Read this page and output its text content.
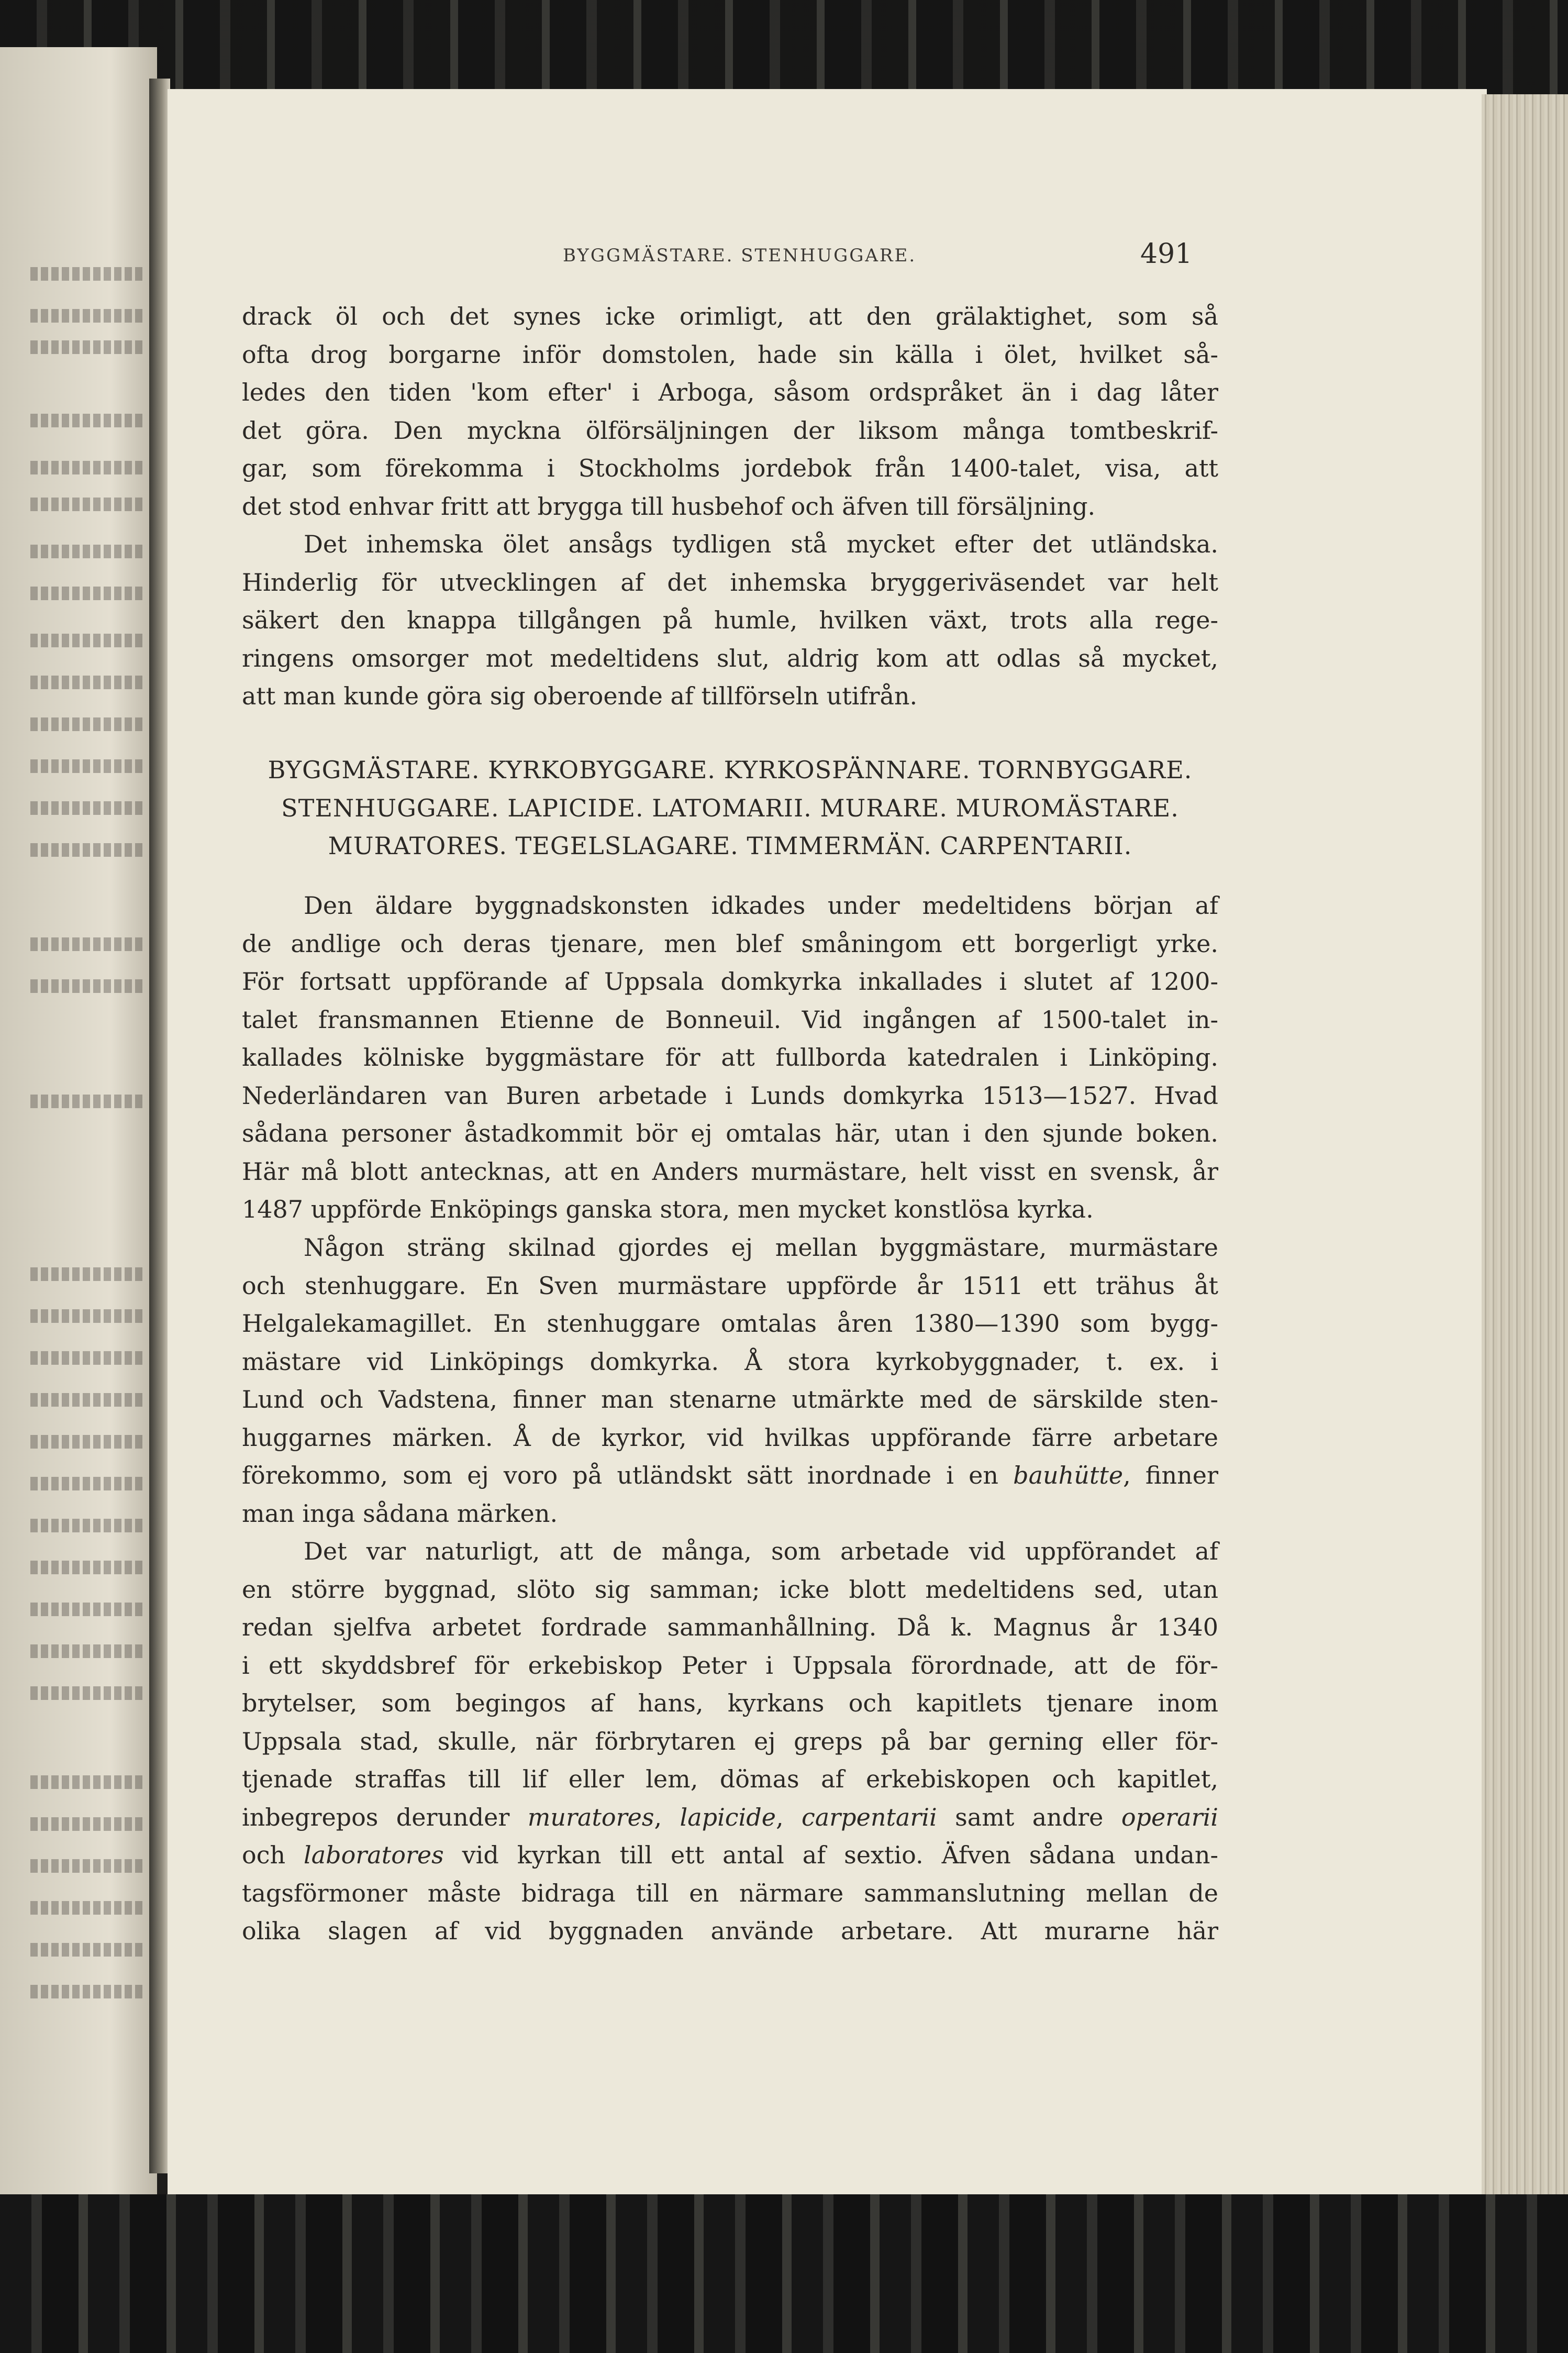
BYGGMÄSTARE. STENHUGGARE.	491
drack öl och det synes icke orimligt, att den grälaktighet, som så
ofta drog borgarne inför domstolen, hade sin källa i ölet, hvilket så-
ledes den tiden 'kom efter' i Arboga, såsom ordspråket än i dag låter
det göra. Den myckna ölförsäljningen der liksom många tomtbeskrif-
gar, som förekomma i Stockholms jordebok från 1400-talet, visa, att
det stod enhvar fritt att brygga till husbehof och äfven till försäljning.
Det inhemska ölet ansågs tydligen stå mycket efter det utländska.
Hinderlig för utvecklingen af det inhemska bryggeriväsendet var helt
säkert den knappa tillgången på humle, hvilken växt, trots alla rege-
ringens omsorger mot medeltidens slut, aldrig kom att odlas så mycket,
att man kunde göra sig oberoende af tillförseln utifrån.
BYGGMÄSTARE. KYRKOBYGGARE. KYRKOSPÄNNARE. TORNBYGGARE.
STENHUGGARE. LAPICIDE. LATOMARII. MURARE. MUROMÄSTARE.
MURATORES. TEGELSLAGARE. TIMMERMÄN. CARPENTARII.
Den äldare byggnadskonsten idkades under medeltidens början af
de andlige och deras tjenare, men blef småningom ett borgerligt yrke.
För fortsatt uppförande af Uppsala domkyrka inkallades i slutet af 1200-
talet fransmannen Etienne de Bonneuil. Vid ingången af 1500-talet in-
kallades kölniske byggmästare för att fullborda katedralen i Linköping.
Nederländaren van Buren arbetade i Lunds domkyrka 1513—1527. Hvad
sådana personer åstadkommit bör ej omtalas här, utan i den sjunde boken.
Här må blott antecknas, att en Anders murmästare, helt visst en svensk, år
1487 uppförde Enköpings ganska stora, men mycket konstlösa kyrka.
Någon sträng skilnad gjordes ej mellan byggmästare, murmästare
och stenhuggare. En Sven murmästare uppförde år 1511 ett trähus åt
Helgalekamagillet. En stenhuggare omtalas åren 1380—1390 som bygg-
mästare vid Linköpings domkyrka. Å stora kyrkobyggnader, t. ex. i
Lund och Vadstena, finner man stenarne utmärkte med de särskilde sten-
huggarnes märken. Å de kyrkor, vid hvilkas uppförande färre arbetare
förekommo, som ej voro på utländskt sätt inordnade i en bauhütte, finner
man inga sådana märken.
Det var naturligt, att de många, som arbetade vid uppförandet af
en större byggnad, slöto sig samman; icke blott medeltidens sed, utan
redan sjelfva arbetet fordrade sammanhållning. Då k. Magnus år 1340
i ett skyddsbref för erkebiskop Peter i Uppsala förordnade, att de för-
brytelser, som begingos af hans, kyrkans och kapitlets tjenare inom
Uppsala stad, skulle, när förbrytaren ej greps på bar gerning eller för-
tjenade straffas till lif eller lem, dömas af erkebiskopen och kapitlet,
inbegrepos derunder muratores, lapicide, carpentarii samt andre operarii
och laboratores vid kyrkan till ett antal af sextio. Äfven sådana undan-
tagsförmoner måste bidraga till en närmare sammanslutning mellan de
olika slagen af vid byggnaden använde arbetare. Att murarne här
